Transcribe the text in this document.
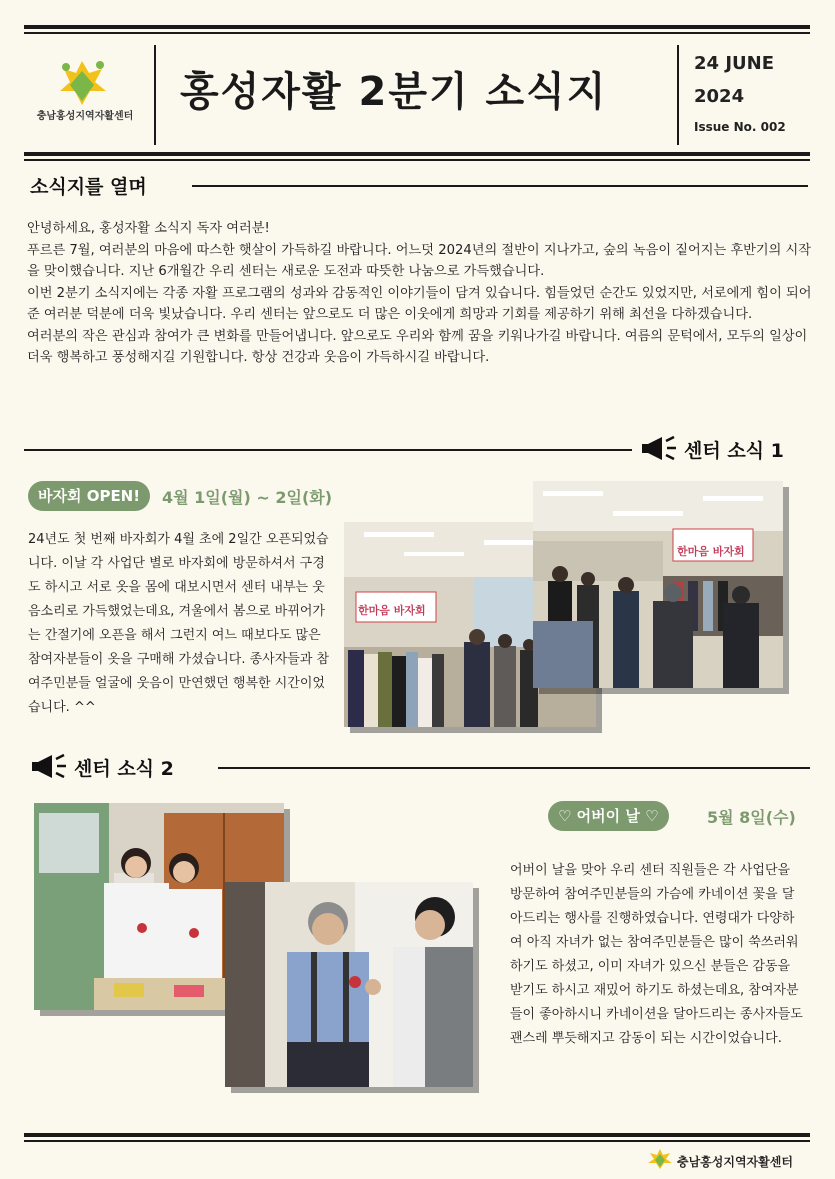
충남홍성지역자활센터
홍성자활 2분기 소식지
24 JUNE
2024
Issue No. 002
소식지를 열며
안녕하세요, 홍성자활 소식지 독자 여러분!
푸르른 7월, 여러분의 마음에 따스한 햇살이 가득하길 바랍니다. 어느덧 2024년의 절반이 지나가고, 숲의 녹음이 짙어지는 후반기의 시작을 맞이했습니다. 지난 6개월간 우리 센터는 새로운 도전과 따뜻한 나눔으로 가득했습니다.
이번 2분기 소식지에는 각종 자활 프로그램의 성과와 감동적인 이야기들이 담겨 있습니다. 힘들었던 순간도 있었지만, 서로에게 힘이 되어준 여러분 덕분에 더욱 빛났습니다. 우리 센터는 앞으로도 더 많은 이웃에게 희망과 기회를 제공하기 위해 최선을 다하겠습니다.
여러분의 작은 관심과 참여가 큰 변화를 만들어냅니다. 앞으로도 우리와 함께 꿈을 키워나가길 바랍니다. 여름의 문턱에서, 모두의 일상이 더욱 행복하고 풍성해지길 기원합니다. 항상 건강과 웃음이 가득하시길 바랍니다.
센터 소식 1
바자회 OPEN!	4월 1일(월) ~ 2일(화)
24년도 첫 번째 바자회가 4월 초에 2일간 오픈되었습니다. 이날 각 사업단 별로 바자회에 방문하셔서 구경도 하시고 서로 옷을 몸에 대보시면서 센터 내부는 웃음소리로 가득했었는데요, 겨울에서 봄으로 바뀌어가는 간절기에 오픈을 해서 그런지 여느 때보다도 많은 참여자분들이 옷을 구매해 가셨습니다. 종사자들과 참여주민분들 얼굴에 웃음이 만연했던 행복한 시간이었습니다. ^^
한마음 바자회
한마음 바자회
센터 소식 2
♡ 어버이 날 ♡	5월 8일(수)
어버이 날을 맞아 우리 센터 직원들은 각 사업단을 방문하여 참여주민분들의 가슴에 카네이션 꽃을 달아드리는 행사를 진행하였습니다. 연령대가 다양하여 아직 자녀가 없는 참여주민분들은 많이 쑥쓰러워하기도 하셨고, 이미 자녀가 있으신 분들은 감동을 받기도 하시고 재밌어 하기도 하셨는데요, 참여자분들이 좋아하시니 카네이션을 달아드리는 종사자들도 괜스레 뿌듯해지고 감동이 되는 시간이었습니다.
충남홍성지역자활센터
